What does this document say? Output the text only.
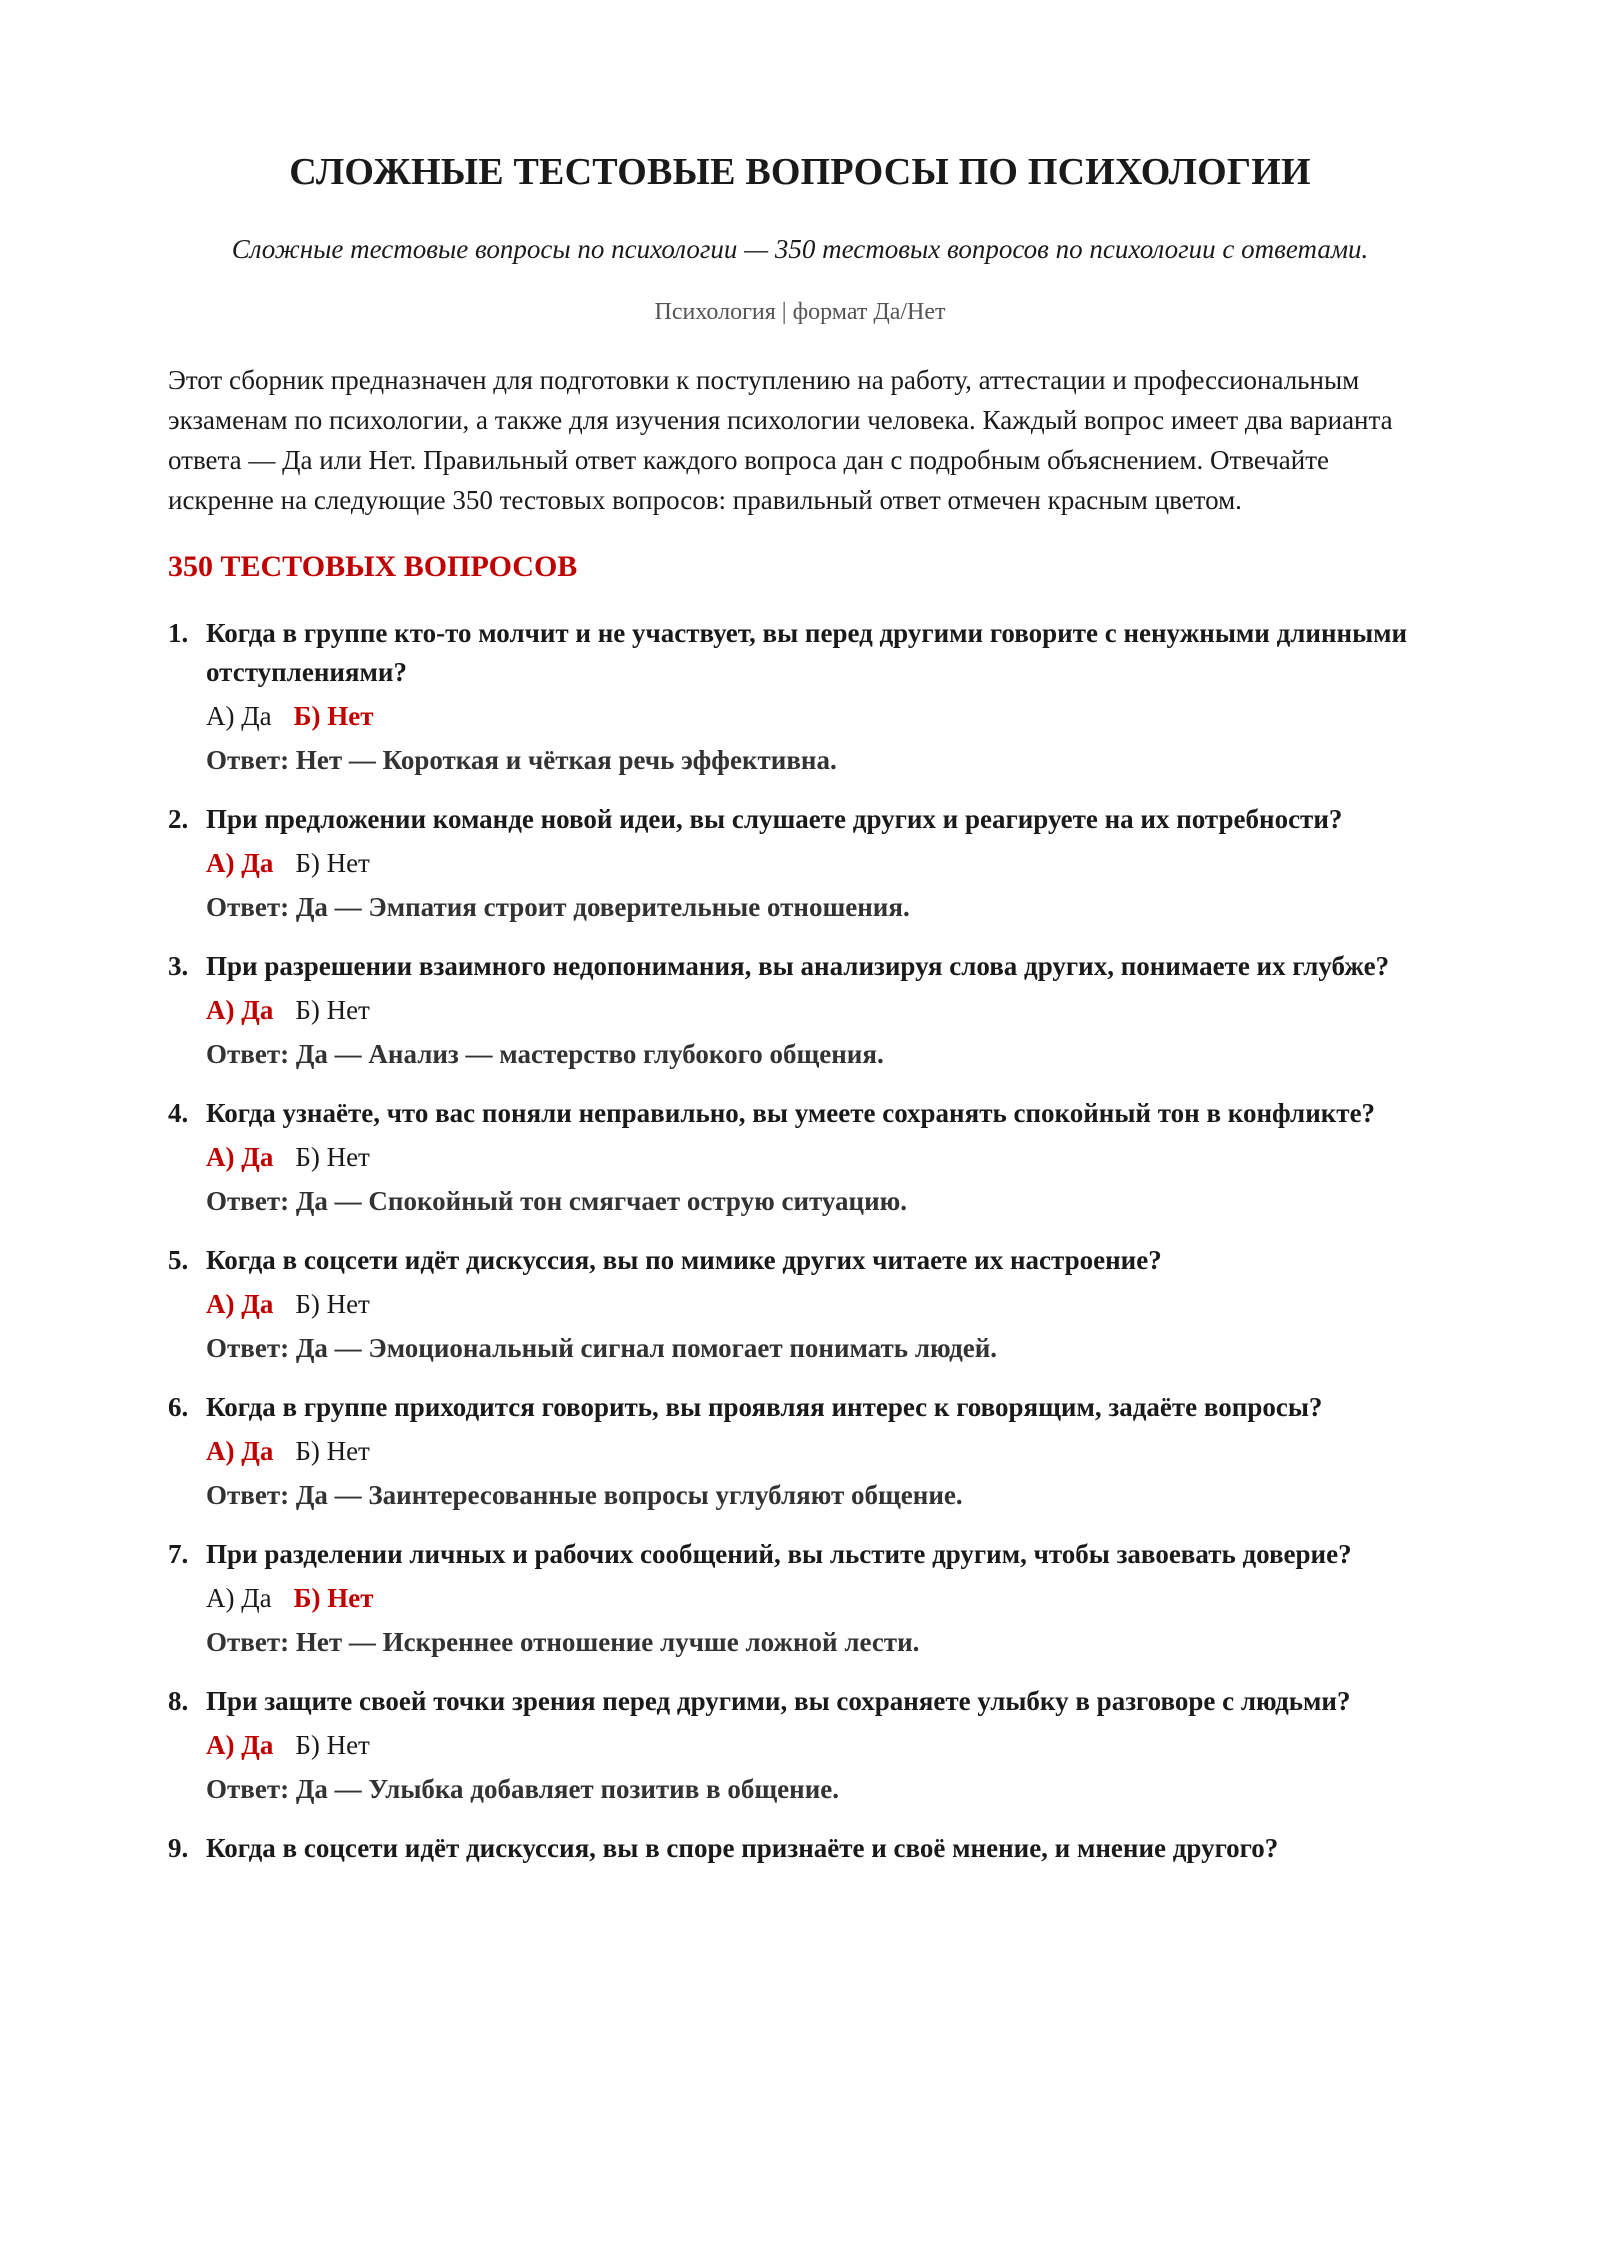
СЛОЖНЫЕ ТЕСТОВЫЕ ВОПРОСЫ ПО ПСИХОЛОГИИ

Сложные тестовые вопросы по психологии — 350 тестовых вопросов по психологии с ответами.

Психология | формат Да/Нет

Этот сборник предназначен для подготовки к поступлению на работу, аттестации и профессиональным экзаменам по психологии, а также для изучения психологии человека. Каждый вопрос имеет два варианта ответа — Да или Нет. Правильный ответ каждого вопроса дан с подробным объяснением. Отвечайте искренне на следующие 350 тестовых вопросов: правильный ответ отмечен красным цветом.

350 ТЕСТОВЫХ ВОПРОСОВ
1. Когда в группе кто-то молчит и не участвует, вы перед другими говорите с ненужными длинными отступлениями?
А) Да Б) Нет
Ответ: Нет — Короткая и чёткая речь эффективна.
2. При предложении команде новой идеи, вы слушаете других и реагируете на их потребности?
А) Да Б) Нет
Ответ: Да — Эмпатия строит доверительные отношения.
3. При разрешении взаимного недопонимания, вы анализируя слова других, понимаете их глубже?
А) Да Б) Нет
Ответ: Да — Анализ — мастерство глубокого общения.
4. Когда узнаёте, что вас поняли неправильно, вы умеете сохранять спокойный тон в конфликте?
А) Да Б) Нет
Ответ: Да — Спокойный тон смягчает острую ситуацию.
5. Когда в соцсети идёт дискуссия, вы по мимике других читаете их настроение?
А) Да Б) Нет
Ответ: Да — Эмоциональный сигнал помогает понимать людей.
6. Когда в группе приходится говорить, вы проявляя интерес к говорящим, задаёте вопросы?
А) Да Б) Нет
Ответ: Да — Заинтересованные вопросы углубляют общение.
7. При разделении личных и рабочих сообщений, вы льстите другим, чтобы завоевать доверие?
А) Да Б) Нет
Ответ: Нет — Искреннее отношение лучше ложной лести.
8. При защите своей точки зрения перед другими, вы сохраняете улыбку в разговоре с людьми?
А) Да Б) Нет
Ответ: Да — Улыбка добавляет позитив в общение.
9. Когда в соцсети идёт дискуссия, вы в споре признаёте и своё мнение, и мнение другого?
